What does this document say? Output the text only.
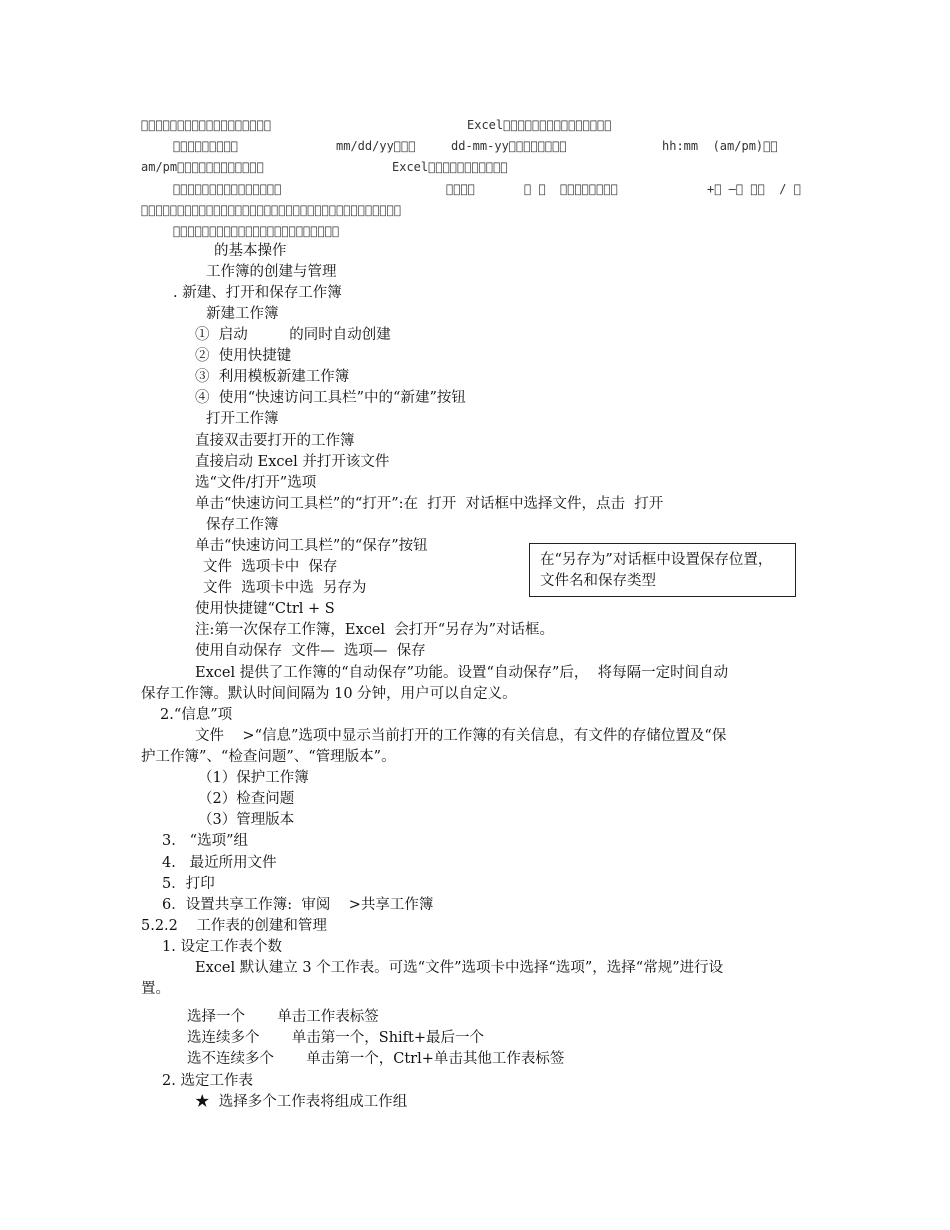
􏰀􏰁􏰂􏰃􏰄􏰅􏰆􏰇􏰈􏰉􏰊􏰋􏰌􏰍􏰎􏰏􏰐􏰑	Excel􏰀􏰁􏰂􏰃􏰄􏰅􏰆􏰇􏰈􏰉􏰊􏰋􏰌􏰍􏰎
􏰀􏰁􏰂􏰃􏰄􏰅􏰆􏰇􏰈	mm/dd/yy􏰀􏰁􏰂	dd-mm-yy􏰀􏰁􏰂􏰃􏰄􏰅􏰆􏰇	hh:mm  (am/pm)􏰀􏰁
am/pm􏰀􏰁􏰂􏰃􏰄􏰅􏰆􏰇􏰈􏰉􏰊􏰋	Excel􏰀􏰁􏰂􏰃􏰄􏰅􏰆􏰇􏰈􏰉􏰊
􏰀􏰁􏰂􏰃􏰄􏰅􏰆􏰇􏰈􏰉􏰊􏰋􏰌􏰍􏰎	􏰀􏰁􏰂􏰃	􏰀 􏰁 􏰀􏰁􏰂􏰃􏰄􏰅􏰆􏰇	+􏰀 –􏰁 􏰂􏰃  / 􏰄
􏰀􏰁􏰂􏰃􏰄􏰅􏰆􏰇􏰈􏰉􏰊􏰋􏰌􏰍􏰎􏰏􏰐􏰑􏰒􏰓􏰔􏰕􏰖􏰗􏰘􏰙􏰚􏰛􏰜􏰝􏰞􏰟􏰠􏰡􏰢􏰣
􏰀􏰁􏰂􏰃􏰄􏰅􏰆􏰇􏰈􏰉􏰊􏰋􏰌􏰍􏰎􏰏􏰐􏰑􏰒􏰓􏰔􏰕􏰖
的基本操作
工作簿的创建与管理
. 新建、打开和保存工作簿
新建工作簿
①  启动         的同时自动创建
②  使用快捷键
③  利用模板新建工作簿
④  使用“快速访问工具栏”中的“新建”按钮
打开工作簿
直接双击要打开的工作簿
直接启动 Excel 并打开该文件
选“文件/打开”选项
单击“快速访问工具栏”的“打开”:在  打开  对话框中选择文件，点击  打开
保存工作簿
单击“快速访问工具栏”的“保存”按钮
文件  选项卡中  保存
文件  选项卡中选  另存为
使用快捷键“Ctrl + S
注:第一次保存工作簿，Excel  会打开“另存为”对话框。
使用自动保存  文件—  选项—  保存
Excel 提供了工作簿的“自动保存”功能。设置“自动保存”后，  将每隔一定时间自动
保存工作簿。默认时间间隔为 10 分钟，用户可以自定义。
2.“信息”项
文件    >“信息”选项中显示当前打开的工作簿的有关信息，有文件的存储位置及“保
护工作簿”、“检查问题”、“管理版本”。
（1）保护工作簿
（2）检查问题
（3）管理版本
3.   “选项”组
4.   最近所用文件
5．打印
6．设置共享工作簿:  审阅    >共享工作簿
5.2.2    工作表的创建和管理
1. 设定工作表个数
Excel 默认建立 3 个工作表。可选“文件”选项卡中选择“选项”，选择“常规”进行设
置。
选择一个       单击工作表标签
选连续多个       单击第一个，Shift+最后一个
选不连续多个       单击第一个，Ctrl+单击其他工作表标签
2. 选定工作表
★  选择多个工作表将组成工作组
在“另存为”对话框中设置保存位置，文件名和保存类型
